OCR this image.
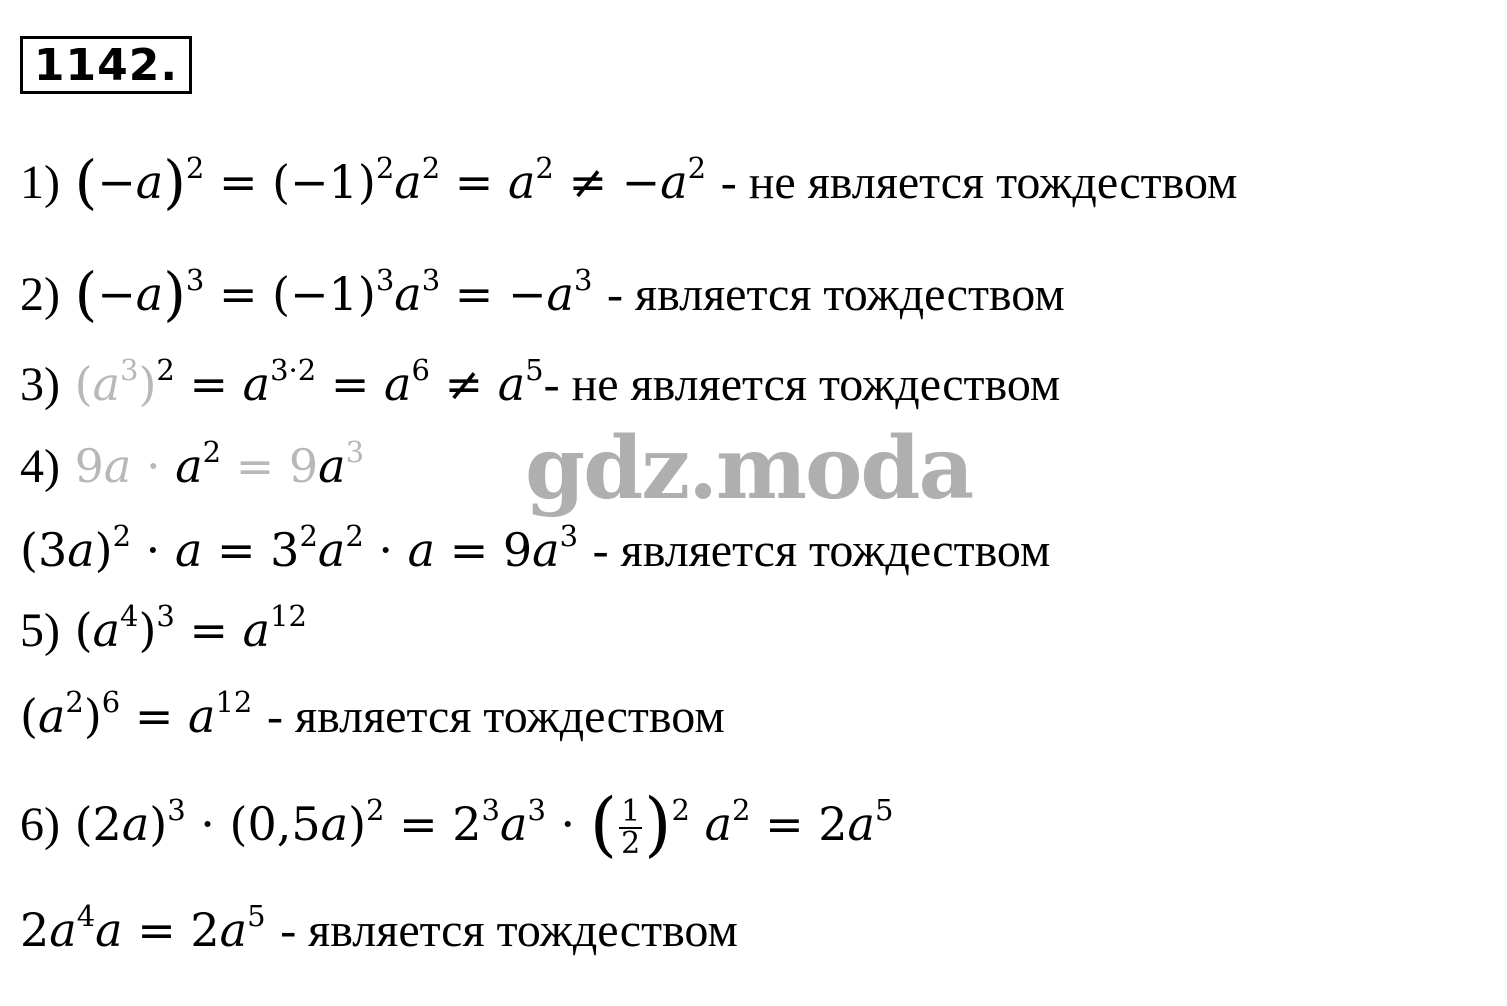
1142.
1) $(-a)^2 = (-1)^2a^2 = a^2 \ne -a^2$ - не является тождеством
2) $(-a)^3 = (-1)^3a^3 = -a^3$ - является тождеством
3) $(a^3)^2 = a^{3\cdot 2} = a^6 \ne a^5-$ не является тождеством
4) $9a \cdot a^2 = 9a^3$
$(3a)^2 \cdot a = 3^2a^2 \cdot a = 9a^3$ - является тождеством
5) $(a^4)^3 = a^{12}$
$(a^2)^6 = a^{12}$ - является тождеством
6) $(2a)^3 \cdot (0,5a)^2 = 2^3a^3$ · ( $\frac{1}{2} )^2$ $a^2 = 2a^5$
$2a^4a = 2a^5$ - является тождеством
gdz.moda
